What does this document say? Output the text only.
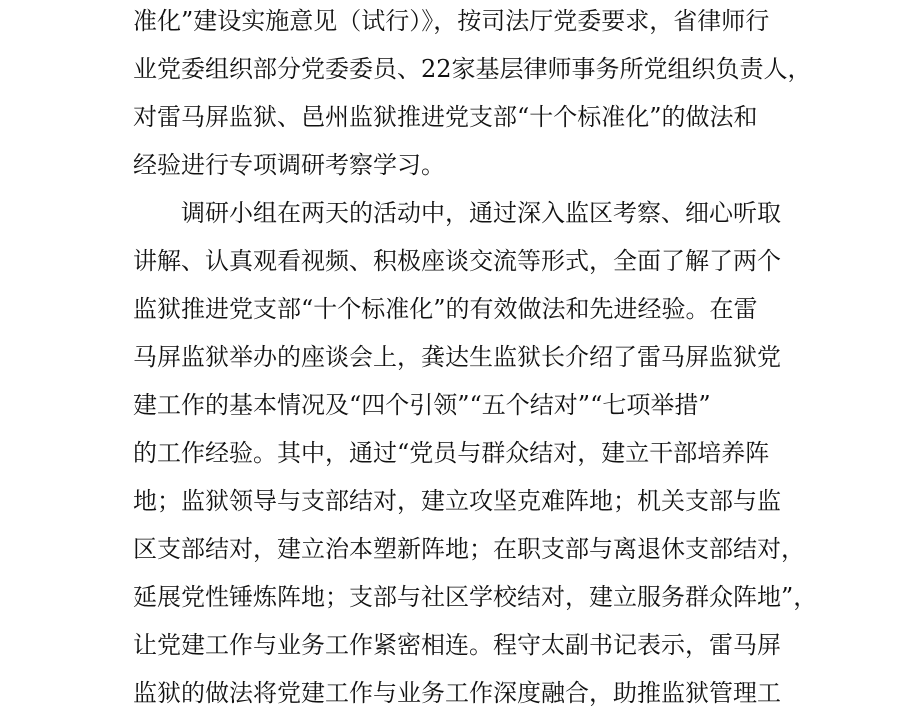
准化”建设实施意见（试行）》，按司法厅党委要求，省律师行
业党委组织部分党委委员、22家基层律师事务所党组织负责人，
对雷马屏监狱、邑州监狱推进党支部“十个标准化”的做法和
经验进行专项调研考察学习。
调研小组在两天的活动中，通过深入监区考察、细心听取
讲解、认真观看视频、积极座谈交流等形式，全面了解了两个
监狱推进党支部“十个标准化”的有效做法和先进经验。在雷
马屏监狱举办的座谈会上，龚达生监狱长介绍了雷马屏监狱党
建工作的基本情况及“四个引领”“五个结对”“七项举措”
的工作经验。其中，通过“党员与群众结对，建立干部培养阵
地；监狱领导与支部结对，建立攻坚克难阵地；机关支部与监
区支部结对，建立治本塑新阵地；在职支部与离退休支部结对，
延展党性锤炼阵地；支部与社区学校结对，建立服务群众阵地”，
让党建工作与业务工作紧密相连。程守太副书记表示，雷马屏
监狱的做法将党建工作与业务工作深度融合，助推监狱管理工
